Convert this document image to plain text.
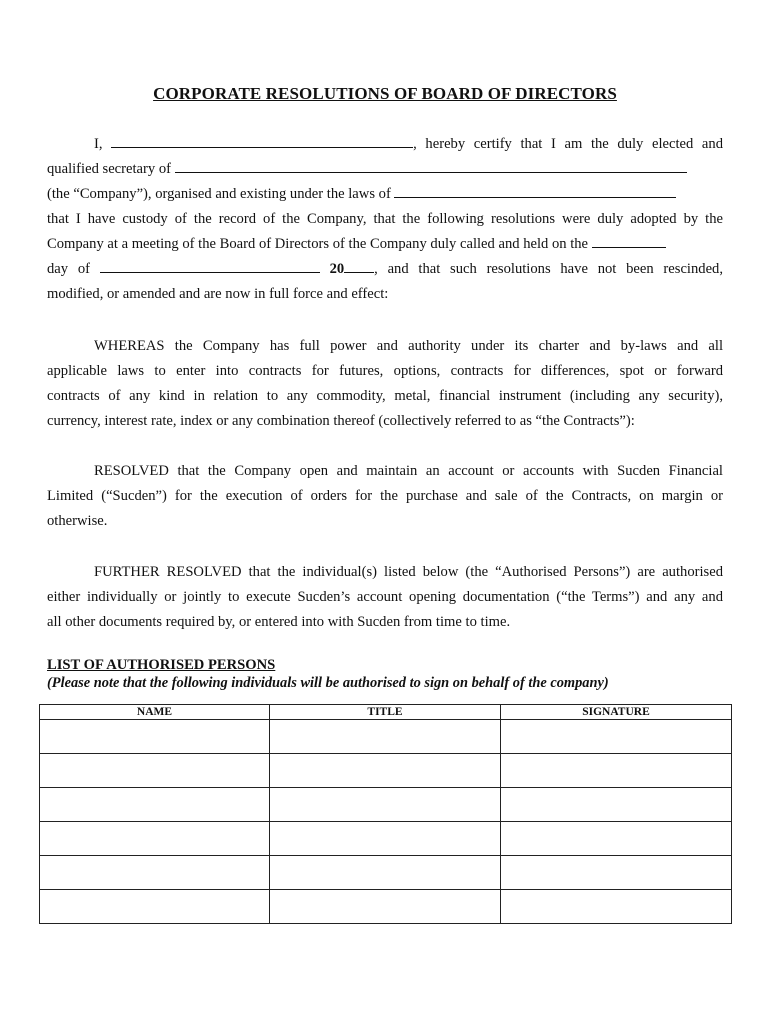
CORPORATE RESOLUTIONS OF BOARD OF DIRECTORS
I,	, hereby certify that I am the duly elected and
qualified secretary of
(the “Company”), organised and existing under the laws of
that I have custody of the record of the Company, that the following resolutions were duly adopted by the
Company at a meeting of the Board of Directors of the Company duly called and held on the
day of	20 , and that such resolutions have not been rescinded,
modified, or amended and are now in full force and effect:
WHEREAS the Company has full power and authority under its charter and by-laws and all
applicable laws to enter into contracts for futures, options, contracts for differences, spot or forward
contracts of any kind in relation to any commodity, metal, financial instrument (including any security),
currency, interest rate, index or any combination thereof (collectively referred to as “the Contracts”):
RESOLVED that the Company open and maintain an account or accounts with Sucden Financial
Limited (“Sucden”) for the execution of orders for the purchase and sale of the Contracts, on margin or
otherwise.
FURTHER RESOLVED that the individual(s) listed below (the “Authorised Persons”) are authorised
either individually or jointly to execute Sucden’s account opening documentation (“the Terms”) and any and
all other documents required by, or entered into with Sucden from time to time.
LIST OF AUTHORISED PERSONS
(Please note that the following individuals will be authorised to sign on behalf of the company)
NAME	TITLE	SIGNATURE
